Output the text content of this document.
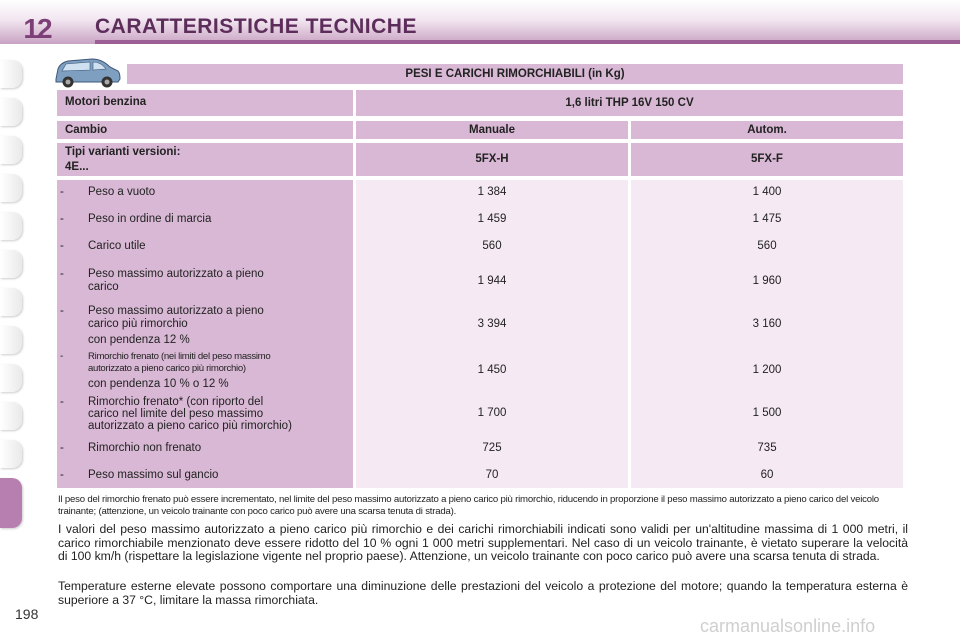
12 CARATTERISTICHE TECNICHE
PESI E CARICHI RIMORCHIABILI (in Kg)
Motori benzina	1,6 litri THP 16V 150 CV
Cambio	Manuale	Autom.
Tipi varianti versioni:
4E...
5FX-H	5FX-F
- Peso a vuoto	1 384	1 400
- Peso in ordine di marcia	1 459	1 475
- Carico utile	560	560
- Peso massimo autorizzato a pieno
carico	1 944	1 960
- Peso massimo autorizzato a pieno
carico più rimorchio
con pendenza 12 %
3 394	3 160
-	Rimorchio frenato (nei limiti del peso massimo
autorizzato a pieno carico più rimorchio)
con pendenza 10 % o 12 %
1 450	1 200
- Rimorchio frenato* (con riporto del
carico nel limite del peso massimo
autorizzato a pieno carico più rimorchio)
1 700	1 500
- Rimorchio non frenato	725	735
- Peso massimo sul gancio	70	60
Il peso del rimorchio frenato può essere incrementato, nel limite del peso massimo autorizzato a pieno carico più rimorchio, riducendo in proporzione il peso massimo autorizzato a pieno carico del veicolo trainante; (attenzione, un veicolo trainante con poco carico può avere una scarsa tenuta di strada).
I valori del peso massimo autorizzato a pieno carico più rimorchio e dei carichi rimorchiabili indicati sono validi per un'altitudine massima di 1 000 metri, il carico rimorchiabile menzionato deve essere ridotto del 10 % ogni 1 000 metri supplementari. Nel caso di un veicolo trainante, è vietato superare la velocità di 100 km/h (rispettare la legislazione vigente nel proprio paese). Attenzione, un veicolo trainante con poco carico può avere una scarsa tenuta di strada.
Temperature esterne elevate possono comportare una diminuzione delle prestazioni del veicolo a protezione del motore; quando la temperatura esterna è superiore a 37 °C, limitare la massa rimorchiata.
198
carmanualsonline.info
